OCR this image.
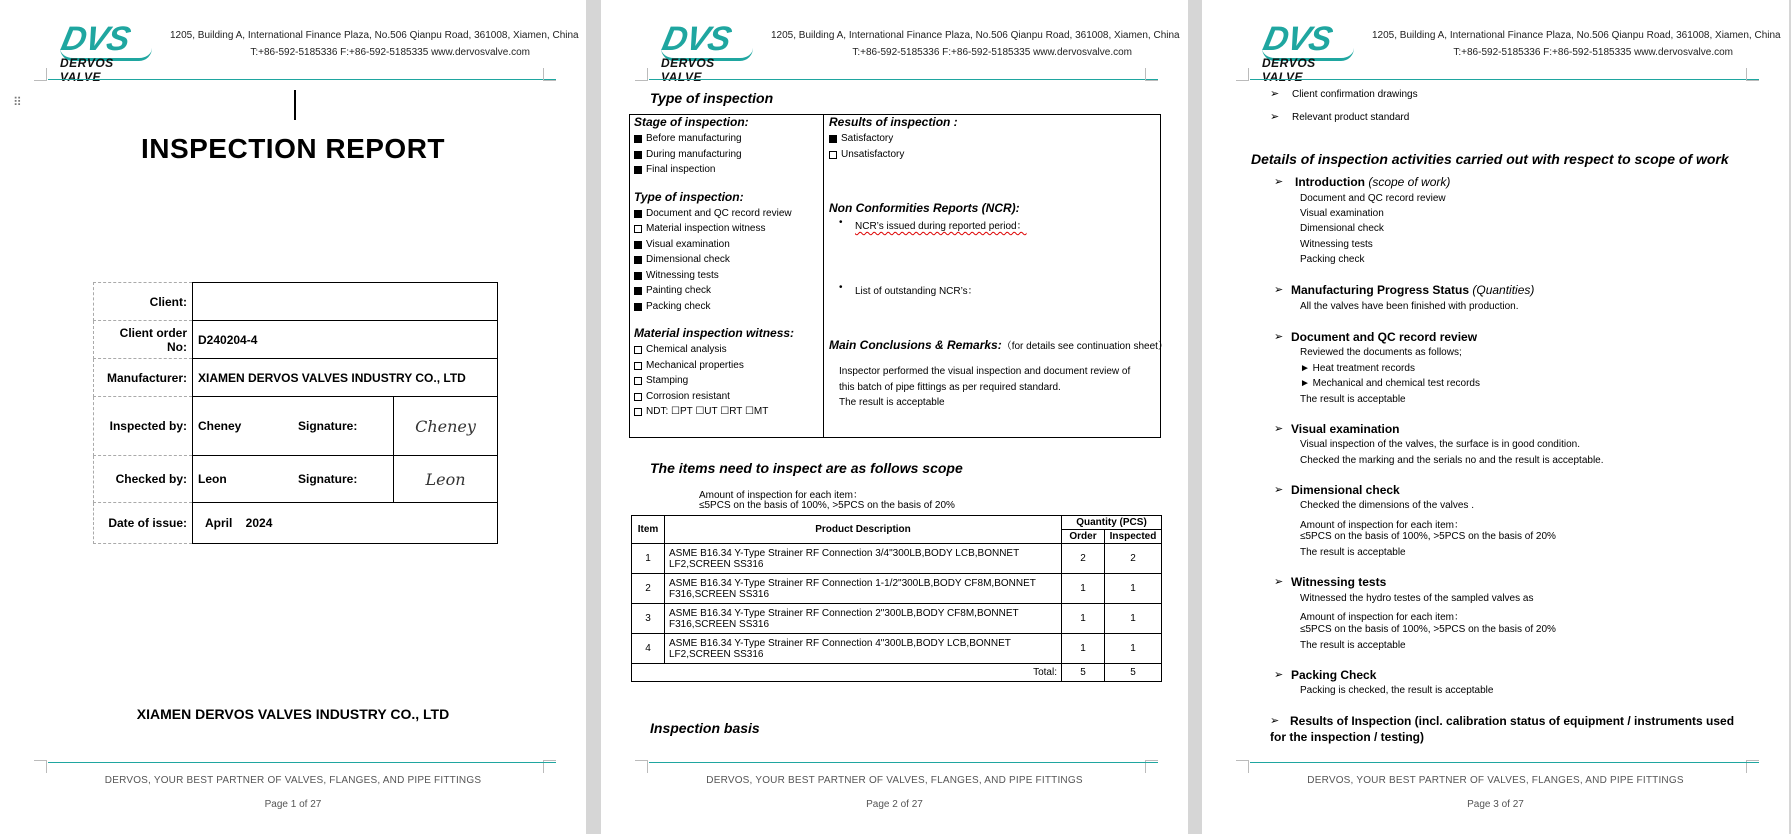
DVS
DERVOS VALVE
1205, Building A, International Finance Plaza, No.506 Qianpu Road, 361008, Xiamen, China
T:+86-592-5185336 F:+86-592-5185335 www.dervosvalve.com
⠿
INSPECTION REPORT
Client:			
Client order No:	D240204-4		
Manufacturer:	XIAMEN DERVOS VALVES INDUSTRY CO., LTD		
Inspected by:	Cheney	Signature:	Cheney
Checked by:	Leon	Signature:	Leon
Date of issue:	April    2024		
XIAMEN DERVOS VALVES INDUSTRY CO., LTD
DERVOS, YOUR BEST PARTNER OF VALVES, FLANGES, AND PIPE FITTINGS
Page 1 of 27
DVS
DERVOS VALVE
1205, Building A, International Finance Plaza, No.506 Qianpu Road, 361008, Xiamen, China
T:+86-592-5185336 F:+86-592-5185335 www.dervosvalve.com
Type of inspection
Stage of inspection:
Before manufacturing
During manufacturing
Final inspection
Type of inspection:
Document and QC record review
Material inspection witness
Visual examination
Dimensional check
Witnessing tests
Painting check
Packing check
Material inspection witness:
Chemical analysis
Mechanical properties
Stamping
Corrosion resistant
NDT: ☐PT ☐UT ☐RT ☐MT
Results of inspection :
Satisfactory
Unsatisfactory
Non Conformities Reports (NCR):
• NCR’s issued during reported period：
• List of outstanding NCR’s：
Main Conclusions & Remarks:（for details see continuation sheet）
Inspector performed the visual inspection and document review of
this batch of pipe fittings as per required standard.
The result is acceptable
The items need to inspect are as follows scope
Amount of inspection for each item：
≤5PCS on the basis of 100%, >5PCS on the basis of 20%
Item	Product Description	Quantity (PCS)	
		Order	Inspected
1	ASME B16.34 Y-Type Strainer RF Connection 3/4"300LB,BODY LCB,BONNET LF2,SCREEN SS316	2	2
2	ASME B16.34 Y-Type Strainer RF Connection 1-1/2"300LB,BODY CF8M,BONNET F316,SCREEN SS316	1	1
3	ASME B16.34 Y-Type Strainer RF Connection 2"300LB,BODY CF8M,BONNET F316,SCREEN SS316	1	1
4	ASME B16.34 Y-Type Strainer RF Connection 4"300LB,BODY LCB,BONNET LF2,SCREEN SS316	1	1
Total:		5	5
Inspection basis
DERVOS, YOUR BEST PARTNER OF VALVES, FLANGES, AND PIPE FITTINGS
Page 2 of 27
DVS
DERVOS VALVE
1205, Building A, International Finance Plaza, No.506 Qianpu Road, 361008, Xiamen, China
T:+86-592-5185336 F:+86-592-5185335 www.dervosvalve.com
➢ Client confirmation drawings
➢ Relevant product standard
Details of inspection activities carried out with respect to scope of work
➢ Introduction (scope of work)
Document and QC record review
Visual examination
Dimensional check
Witnessing tests
Packing check
➢ Manufacturing Progress Status (Quantities)
All the valves have been finished with production.
➢ Document and QC record review
Reviewed the documents as follows;
► Heat treatment records
► Mechanical and chemical test records
The result is acceptable
➢ Visual examination
Visual inspection of the valves, the surface is in good condition.
Checked the marking and the serials no and the result is acceptable.
➢ Dimensional check
Checked the dimensions of the valves .
Amount of inspection for each item：
≤5PCS on the basis of 100%, >5PCS on the basis of 20%
The result is acceptable
➢ Witnessing tests
Witnessed the hydro testes of the sampled valves as
Amount of inspection for each item：
≤5PCS on the basis of 100%, >5PCS on the basis of 20%
The result is acceptable
➢ Packing Check
Packing is checked, the result is acceptable
➢ Results of Inspection (incl. calibration status of equipment / instruments used
for the inspection / testing)
DERVOS, YOUR BEST PARTNER OF VALVES, FLANGES, AND PIPE FITTINGS
Page 3 of 27
